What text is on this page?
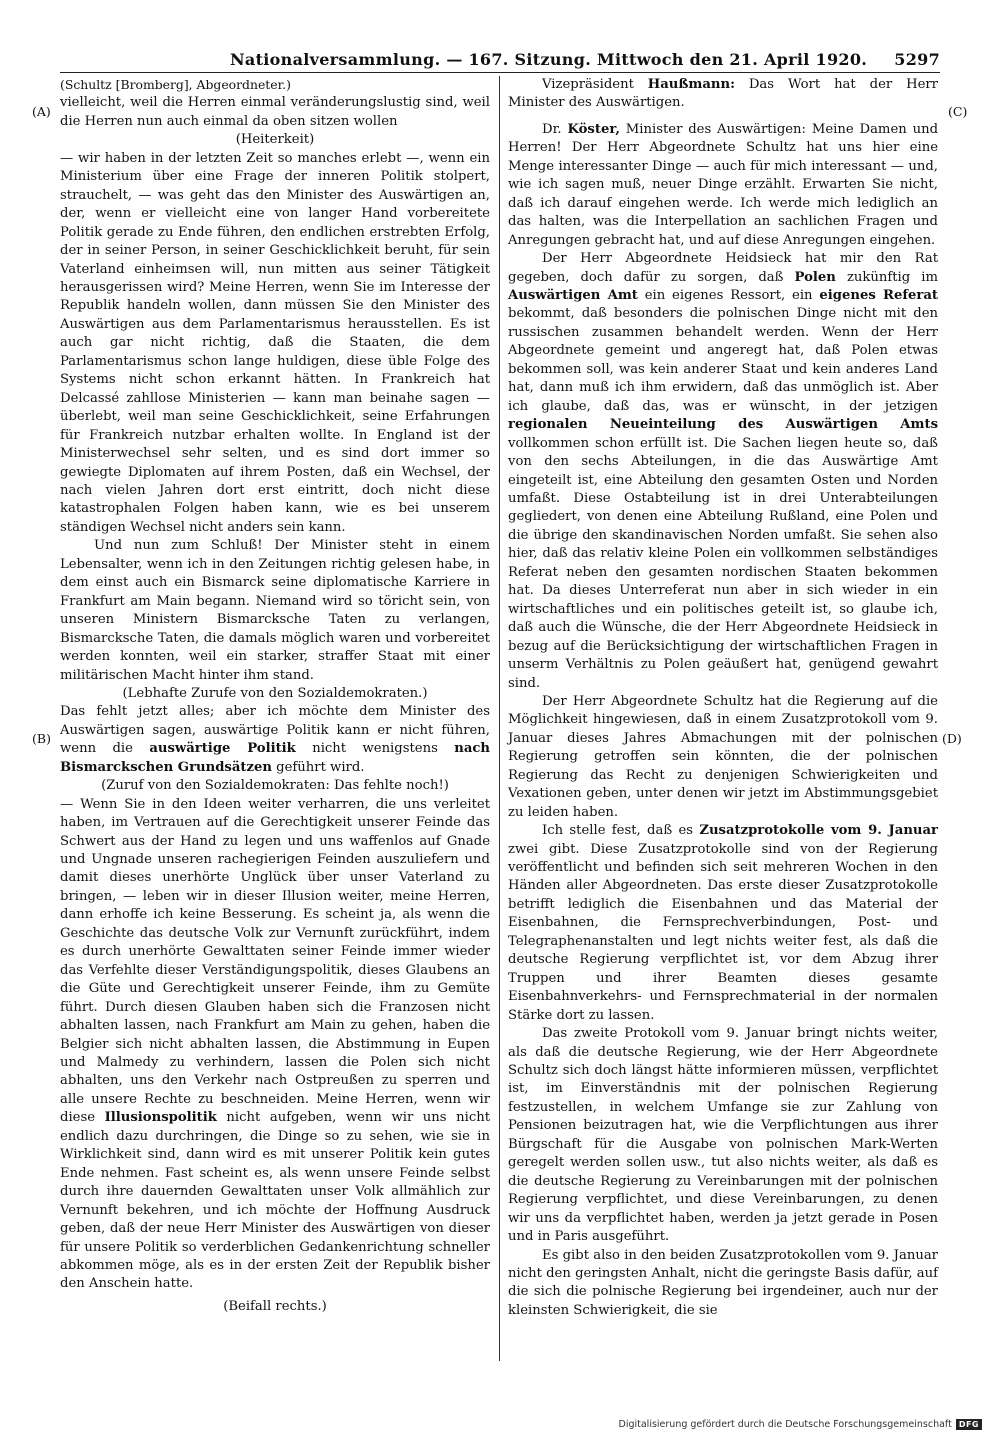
Nationalversammlung. — 167. Sitzung. Mittwoch den 21. April 1920. 5297
(A)
(B)
(C)
(D)

(Schultz [Bromberg], Abgeordneter.)

vielleicht, weil die Herren einmal veränderungslustig sind, weil die Herren nun auch einmal da oben sitzen wollen

(Heiterkeit)

— wir haben in der letzten Zeit so manches erlebt —, wenn ein Ministerium über eine Frage der inneren Politik stolpert, strauchelt, — was geht das den Minister des Auswärtigen an, der, wenn er vielleicht eine von langer Hand vorbereitete Politik gerade zu Ende führen, den endlichen erstrebten Erfolg, der in seiner Person, in seiner Geschicklichkeit beruht, für sein Vaterland einheimsen will, nun mitten aus seiner Tätigkeit herausgerissen wird? Meine Herren, wenn Sie im Interesse der Republik handeln wollen, dann müssen Sie den Minister des Auswärtigen aus dem Parlamentarismus herausstellen. Es ist auch gar nicht richtig, daß die Staaten, die dem Parlamentarismus schon lange huldigen, diese üble Folge des Systems nicht schon erkannt hätten. In Frankreich hat Delcassé zahllose Ministerien — kann man beinahe sagen — überlebt, weil man seine Geschicklichkeit, seine Erfahrungen für Frankreich nutzbar erhalten wollte. In England ist der Ministerwechsel sehr selten, und es sind dort immer so gewiegte Diplomaten auf ihrem Posten, daß ein Wechsel, der nach vielen Jahren dort erst eintritt, doch nicht diese katastrophalen Folgen haben kann, wie es bei unserem ständigen Wechsel nicht anders sein kann.

Und nun zum Schluß! Der Minister steht in einem Lebensalter, wenn ich in den Zeitungen richtig gelesen habe, in dem einst auch ein Bismarck seine diplomatische Karriere in Frankfurt am Main begann. Niemand wird so töricht sein, von unseren Ministern Bismarcksche Taten zu verlangen, Bismarcksche Taten, die damals möglich waren und vorbereitet werden konnten, weil ein starker, straffer Staat mit einer militärischen Macht hinter ihm stand.

(Lebhafte Zurufe von den Sozialdemokraten.)

Das fehlt jetzt alles; aber ich möchte dem Minister des Auswärtigen sagen, auswärtige Politik kann er nicht führen, wenn die auswärtige Politik nicht wenigstens nach Bismarckschen Grundsätzen geführt wird.

(Zuruf von den Sozialdemokraten: Das fehlte noch!)

— Wenn Sie in den Ideen weiter verharren, die uns verleitet haben, im Vertrauen auf die Gerechtigkeit unserer Feinde das Schwert aus der Hand zu legen und uns waffenlos auf Gnade und Ungnade unseren rachegierigen Feinden auszuliefern und damit dieses unerhörte Unglück über unser Vaterland zu bringen, — leben wir in dieser Illusion weiter, meine Herren, dann erhoffe ich keine Besserung. Es scheint ja, als wenn die Geschichte das deutsche Volk zur Vernunft zurückführt, indem es durch unerhörte Gewalttaten seiner Feinde immer wieder das Verfehlte dieser Verständigungspolitik, dieses Glaubens an die Güte und Gerechtigkeit unserer Feinde, ihm zu Gemüte führt. Durch diesen Glauben haben sich die Franzosen nicht abhalten lassen, nach Frankfurt am Main zu gehen, haben die Belgier sich nicht abhalten lassen, die Abstimmung in Eupen und Malmedy zu verhindern, lassen die Polen sich nicht abhalten, uns den Verkehr nach Ostpreußen zu sperren und alle unsere Rechte zu beschneiden. Meine Herren, wenn wir diese Illusionspolitik nicht aufgeben, wenn wir uns nicht endlich dazu durchringen, die Dinge so zu sehen, wie sie in Wirklichkeit sind, dann wird es mit unserer Politik kein gutes Ende nehmen. Fast scheint es, als wenn unsere Feinde selbst durch ihre dauernden Gewalttaten unser Volk allmählich zur Vernunft bekehren, und ich möchte der Hoffnung Ausdruck geben, daß der neue Herr Minister des Auswärtigen von dieser für unsere Politik so verderblichen Gedankenrichtung schneller abkommen möge, als es in der ersten Zeit der Republik bisher den Anschein hatte.

(Beifall rechts.)

Vizepräsident Haußmann: Das Wort hat der Herr Minister des Auswärtigen.

Dr. Köster, Minister des Auswärtigen: Meine Damen und Herren! Der Herr Abgeordnete Schultz hat uns hier eine Menge interessanter Dinge — auch für mich interessant — und, wie ich sagen muß, neuer Dinge erzählt. Erwarten Sie nicht, daß ich darauf eingehen werde. Ich werde mich lediglich an das halten, was die Interpellation an sachlichen Fragen und Anregungen gebracht hat, und auf diese Anregungen eingehen.

Der Herr Abgeordnete Heidsieck hat mir den Rat gegeben, doch dafür zu sorgen, daß Polen zukünftig im Auswärtigen Amt ein eigenes Ressort, ein eigenes Referat bekommt, daß besonders die polnischen Dinge nicht mit den russischen zusammen behandelt werden. Wenn der Herr Abgeordnete gemeint und angeregt hat, daß Polen etwas bekommen soll, was kein anderer Staat und kein anderes Land hat, dann muß ich ihm erwidern, daß das unmöglich ist. Aber ich glaube, daß das, was er wünscht, in der jetzigen regionalen Neueinteilung des Auswärtigen Amts vollkommen schon erfüllt ist. Die Sachen liegen heute so, daß von den sechs Abteilungen, in die das Auswärtige Amt eingeteilt ist, eine Abteilung den gesamten Osten und Norden umfaßt. Diese Ostabteilung ist in drei Unterabteilungen gegliedert, von denen eine Abteilung Rußland, eine Polen und die übrige den skandinavischen Norden umfaßt. Sie sehen also hier, daß das relativ kleine Polen ein vollkommen selbständiges Referat neben den gesamten nordischen Staaten bekommen hat. Da dieses Unterreferat nun aber in sich wieder in ein wirtschaftliches und ein politisches geteilt ist, so glaube ich, daß auch die Wünsche, die der Herr Abgeordnete Heidsieck in bezug auf die Berücksichtigung der wirtschaftlichen Fragen in unserm Verhältnis zu Polen geäußert hat, genügend gewahrt sind.

Der Herr Abgeordnete Schultz hat die Regierung auf die Möglichkeit hingewiesen, daß in einem Zusatzprotokoll vom 9. Januar dieses Jahres Abmachungen mit der polnischen Regierung getroffen sein könnten, die der polnischen Regierung das Recht zu denjenigen Schwierigkeiten und Vexationen geben, unter denen wir jetzt im Abstimmungsgebiet zu leiden haben.

Ich stelle fest, daß es Zusatzprotokolle vom 9. Januar zwei gibt. Diese Zusatzprotokolle sind von der Regierung veröffentlicht und befinden sich seit mehreren Wochen in den Händen aller Abgeordneten. Das erste dieser Zusatzprotokolle betrifft lediglich die Eisenbahnen und das Material der Eisenbahnen, die Fernsprechverbindungen, Post- und Telegraphenanstalten und legt nichts weiter fest, als daß die deutsche Regierung verpflichtet ist, vor dem Abzug ihrer Truppen und ihrer Beamten dieses gesamte Eisenbahnverkehrs- und Fernsprechmaterial in der normalen Stärke dort zu lassen.

Das zweite Protokoll vom 9. Januar bringt nichts weiter, als daß die deutsche Regierung, wie der Herr Abgeordnete Schultz sich doch längst hätte informieren müssen, verpflichtet ist, im Einverständnis mit der polnischen Regierung festzustellen, in welchem Umfange sie zur Zahlung von Pensionen beizutragen hat, wie die Verpflichtungen aus ihrer Bürgschaft für die Ausgabe von polnischen Mark-Werten geregelt werden sollen usw., tut also nichts weiter, als daß es die deutsche Regierung zu Vereinbarungen mit der polnischen Regierung verpflichtet, und diese Vereinbarungen, zu denen wir uns da verpflichtet haben, werden ja jetzt gerade in Posen und in Paris ausgeführt.

Es gibt also in den beiden Zusatzprotokollen vom 9. Januar nicht den geringsten Anhalt, nicht die geringste Basis dafür, auf die sich die polnische Regierung bei irgendeiner, auch nur der kleinsten Schwierigkeit, die sie

Digitalisierung gefördert durch die Deutsche Forschungsgemeinschaft DFG
